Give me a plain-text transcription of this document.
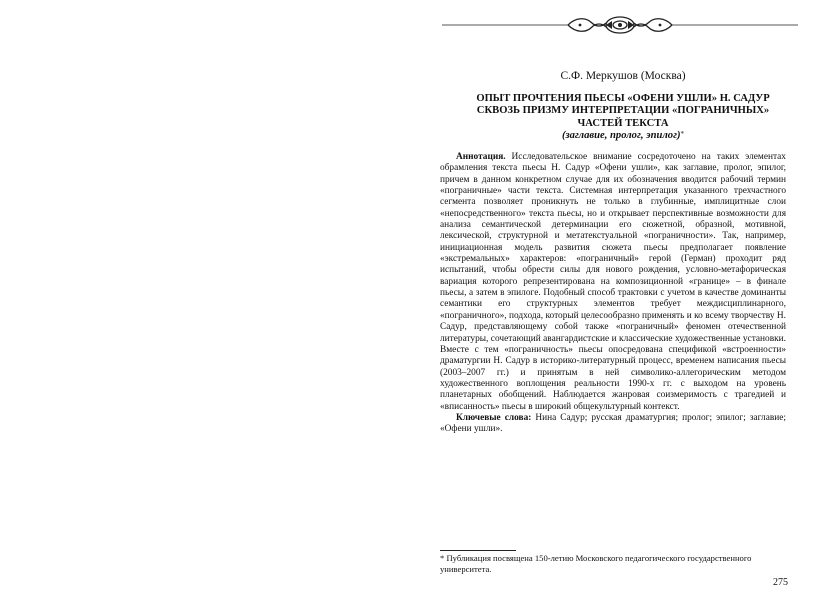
С.Ф. Меркушов (Москва)
ОПЫТ ПРОЧТЕНИЯ ПЬЕСЫ «ОФЕНИ УШЛИ» Н. САДУР
СКВОЗЬ ПРИЗМУ ИНТЕРПРЕТАЦИИ «ПОГРАНИЧНЫХ»
ЧАСТЕЙ ТЕКСТА
(заглавие, пролог, эпилог)*

Аннотация. Исследовательское внимание сосредоточено на таких элементах обрамления текста пьесы Н. Садур «Офени ушли», как заглавие, пролог, эпилог, причем в данном конкретном случае для их обозначения вводится рабочий термин «пограничные» части текста. Системная интерпретация указанного трехчастного сегмента позволяет проникнуть не только в глубинные, имплицитные слои «непосредственного» текста пьесы, но и открывает перспективные возможности для анализа семантической детерминации его сюжетной, образной, мотивной, лексической, структурной и метатекстуальной «пограничности». Так, например, инициационная модель развития сюжета пьесы предполагает появление «экстремальных» характеров: «пограничный» герой (Герман) проходит ряд испытаний, чтобы обрести силы для нового рождения, условно-метафорическая вариация которого репрезентирована на композиционной «границе» – в финале пьесы, а затем в эпилоге. Подобный способ трактовки с учетом в качестве доминанты семантики его структурных элементов требует междисциплинарного, «пограничного», подхода, который целесообразно применять и ко всему творчеству Н. Садур, представляющему собой также «пограничный» феномен отечественной литературы, сочетающий авангардистские и классические художественные установки. Вместе с тем «пограничность» пьесы опосредована спецификой «встроенности» драматургии Н. Садур в историко-литературный процесс, временем написания пьесы (2003–2007 гг.) и принятым в ней символико-аллегорическим методом художественного воплощения реальности 1990-х гг. с выходом на уровень планетарных обобщений. Наблюдается жанровая соизмеримость с трагедией и «вписанность» пьесы в широкий общекультурный контекст.

Ключевые слова: Нина Садур; русская драматургия; пролог; эпилог; заглавие; «Офени ушли».

* Публикация посвящена 150-летию Московского педагогического государственного университета.
275
